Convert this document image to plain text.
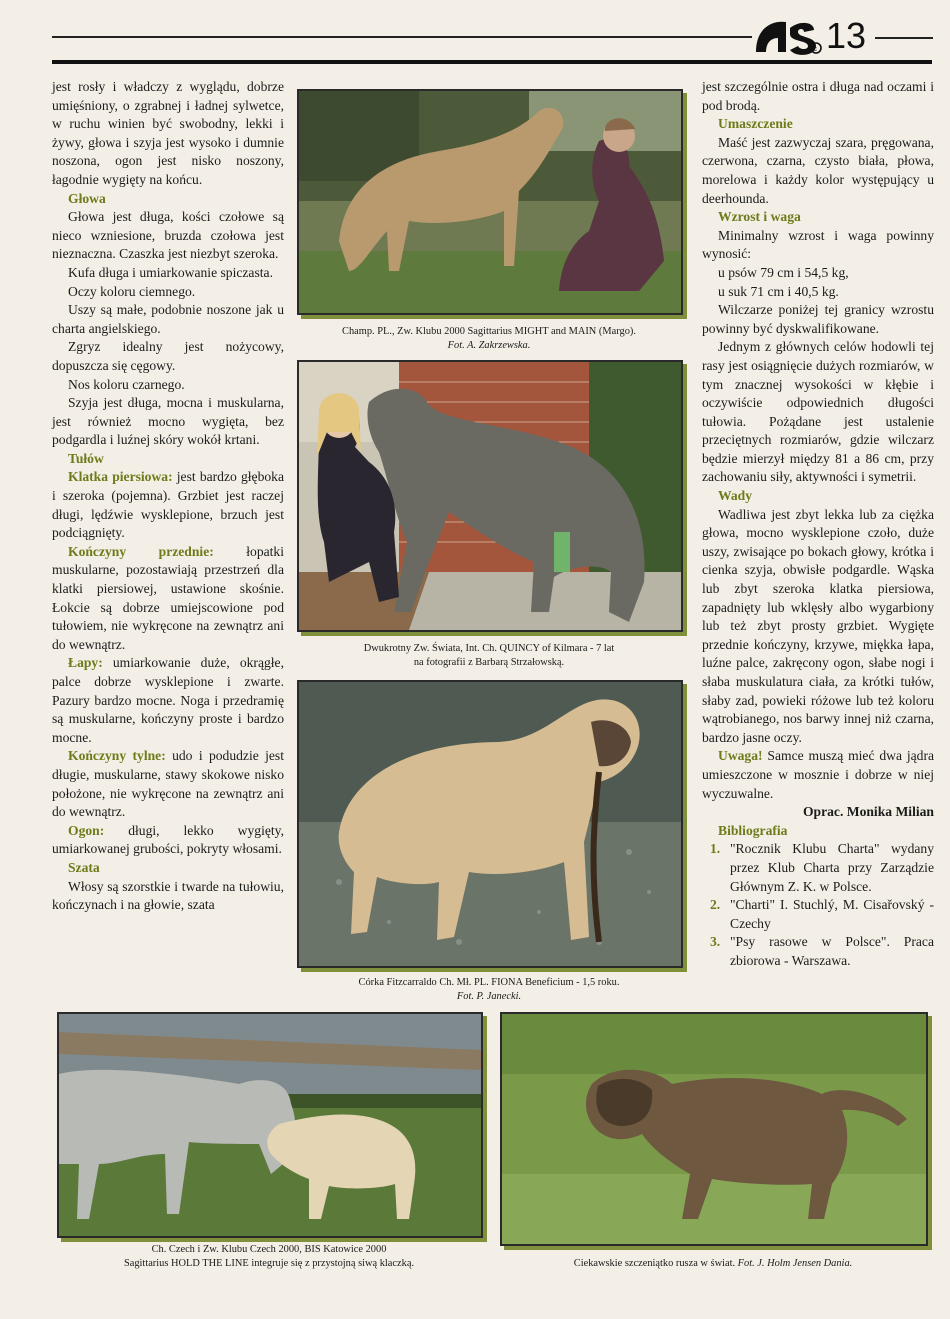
c 13

jest rosły i władczy z wyglądu, dobrze umięśniony, o zgrabnej i ładnej sylwetce, w ruchu winien być swobodny, lekki i żywy, głowa i szyja jest wysoko i dumnie noszona, ogon jest nisko noszony, łagodnie wygięty na końcu.

Głowa

Głowa jest długa, kości czołowe są nieco wzniesione, bruzda czołowa jest nieznaczna. Czaszka jest niezbyt szeroka.

Kufa długa i umiarkowanie spiczasta.

Oczy koloru ciemnego.

Uszy są małe, podobnie noszone jak u charta angielskiego.

Zgryz idealny jest nożycowy, dopuszcza się cęgowy.

Nos koloru czarnego.

Szyja jest długa, mocna i muskularna, jest również mocno wygięta, bez podgardla i luźnej skóry wokół krtani.

Tułów

Klatka piersiowa: jest bardzo głęboka i szeroka (pojemna). Grzbiet jest raczej długi, lędźwie wysklepione, brzuch jest podciągnięty.

Kończyny przednie: łopatki muskularne, pozostawiają przestrzeń dla klatki piersiowej, ustawione skośnie. Łokcie są dobrze umiejscowione pod tułowiem, nie wykręcone na zewnątrz ani do wewnątrz.

Łapy: umiarkowanie duże, okrągłe, palce dobrze wysklepione i zwarte. Pazury bardzo mocne. Noga i przedramię są muskularne, kończyny proste i bardzo mocne.

Kończyny tylne: udo i podudzie jest długie, muskularne, stawy skokowe nisko położone, nie wykręcone na zewnątrz ani do wewnątrz.

Ogon: długi, lekko wygięty, umiarkowanej grubości, pokryty włosami.

Szata

Włosy są szorstkie i twarde na tułowiu, kończynach i na głowie, szata

jest szczególnie ostra i długa nad oczami i pod brodą.

Umaszczenie

Maść jest zazwyczaj szara, pręgowana, czerwona, czarna, czysto biała, płowa, morelowa i każdy kolor występujący u deerhounda.

Wzrost i waga

Minimalny wzrost i waga powinny wynosić:

u psów 79 cm i 54,5 kg,

u suk 71 cm i 40,5 kg.

Wilczarze poniżej tej granicy wzrostu powinny być dyskwalifikowane.

Jednym z głównych celów hodowli tej rasy jest osiągnięcie dużych rozmiarów, w tym znacznej wysokości w kłębie i oczywiście odpowiednich długości tułowia. Pożądane jest ustalenie przeciętnych rozmiarów, gdzie wilczarz będzie mierzył między 81 a 86 cm, przy zachowaniu siły, aktywności i symetrii.

Wady

Wadliwa jest zbyt lekka lub za ciężka głowa, mocno wysklepione czoło, duże uszy, zwisające po bokach głowy, krótka i cienka szyja, obwisłe podgardle. Wąska lub zbyt szeroka klatka piersiowa, zapadnięty lub wklęsły albo wygarbiony lub też zbyt prosty grzbiet. Wygięte przednie kończyny, krzywe, miękka łapa, luźne palce, zakręcony ogon, słabe nogi i słaba muskulatura ciała, za krótki tułów, słaby zad, powieki różowe lub też koloru wątrobianego, nos barwy innej niż czarna, bardzo jasne oczy.

Uwaga! Samce muszą mieć dwa jądra umieszczone w mosznie i dobrze w niej wyczuwalne.

Oprac. Monika Milian

Bibliografia

1. "Rocznik Klubu Charta" wydany przez Klub Charta przy Zarządzie Głównym Z. K. w Polsce.
2. "Charti" I. Stuchlý, M. Cisařovský - Czechy
3. "Psy rasowe w Polsce". Praca zbiorowa - Warszawa.
Champ. PL., Zw. Klubu 2000 Sagittarius MIGHT and MAIN (Margo).
Fot. A. Zakrzewska.
Dwukrotny Zw. Świata, Int. Ch. QUINCY of Kilmara - 7 lat
na fotografii z Barbarą Strzałowską.
Córka Fitzcarraldo Ch. Mł. PL. FIONA Beneficium - 1,5 roku.
Fot. P. Janecki.
Ch. Czech i Zw. Klubu Czech 2000, BIS Katowice 2000
Sagittarius HOLD THE LINE integruje się z przystojną siwą klaczką.	Ciekawskie szczeniątko rusza w świat. Fot. J. Holm Jensen Dania.
